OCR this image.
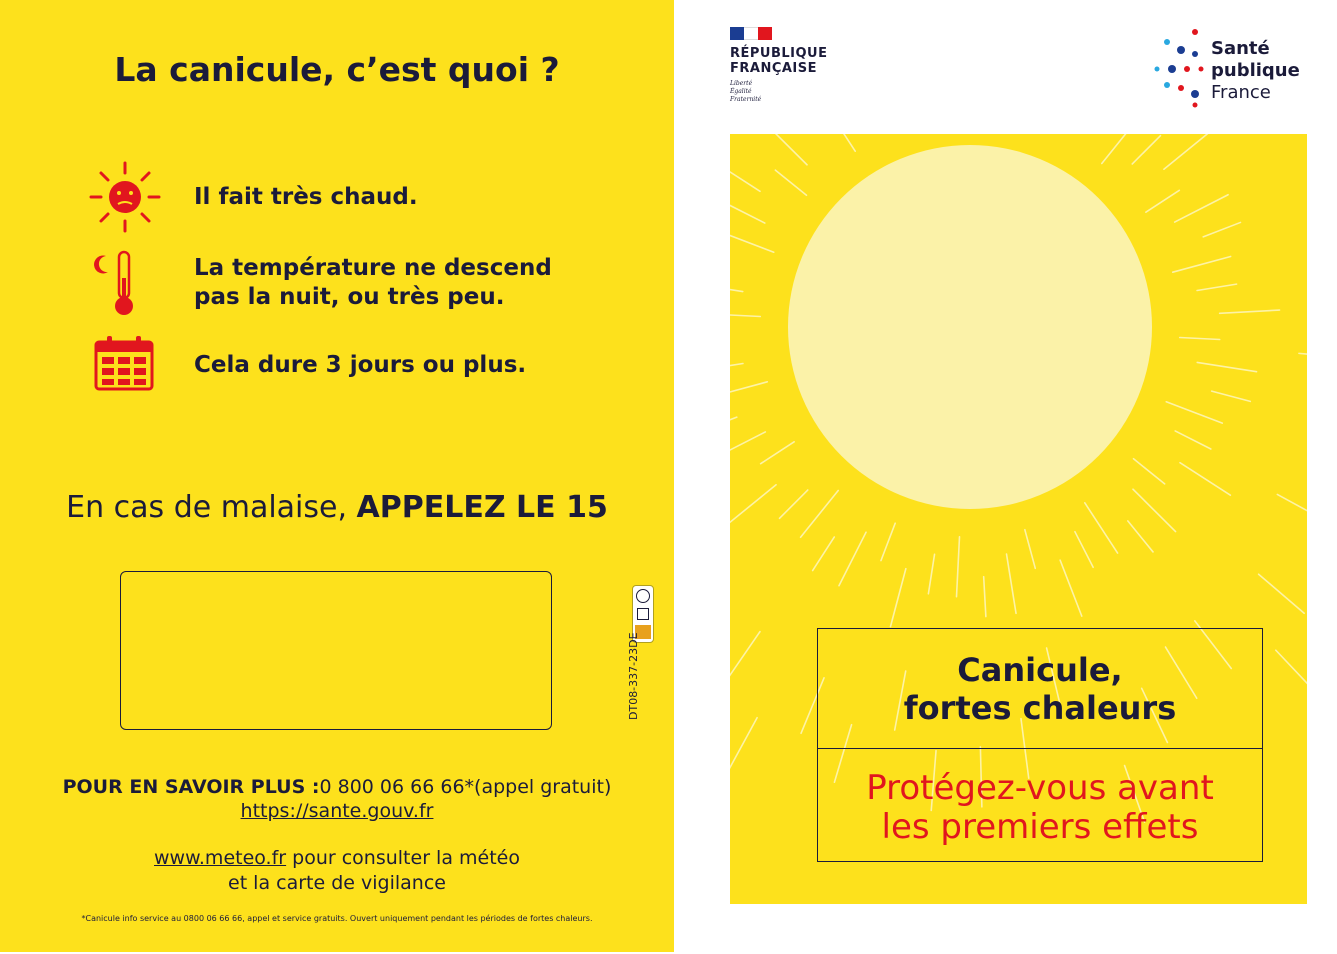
La canicule, c’est quoi ?
Il fait très chaud.
La température ne descend
pas la nuit, ou très peu.
Cela dure 3 jours ou plus.
En cas de malaise, APPELEZ LE 15
DT08-337-23DE
POUR EN SAVOIR PLUS :0 800 06 66 66*(appel gratuit)
https://sante.gouv.fr
www.meteo.fr pour consulter la météo
et la carte de vigilance
*Canicule info service au 0800 06 66 66, appel et service gratuits. Ouvert uniquement pendant les périodes de fortes chaleurs.
RÉPUBLIQUE
FRANÇAISE
Liberté
Égalité
Fraternité
Santé
publique
France
Canicule,
fortes chaleurs
Protégez-vous avant
les premiers effets
